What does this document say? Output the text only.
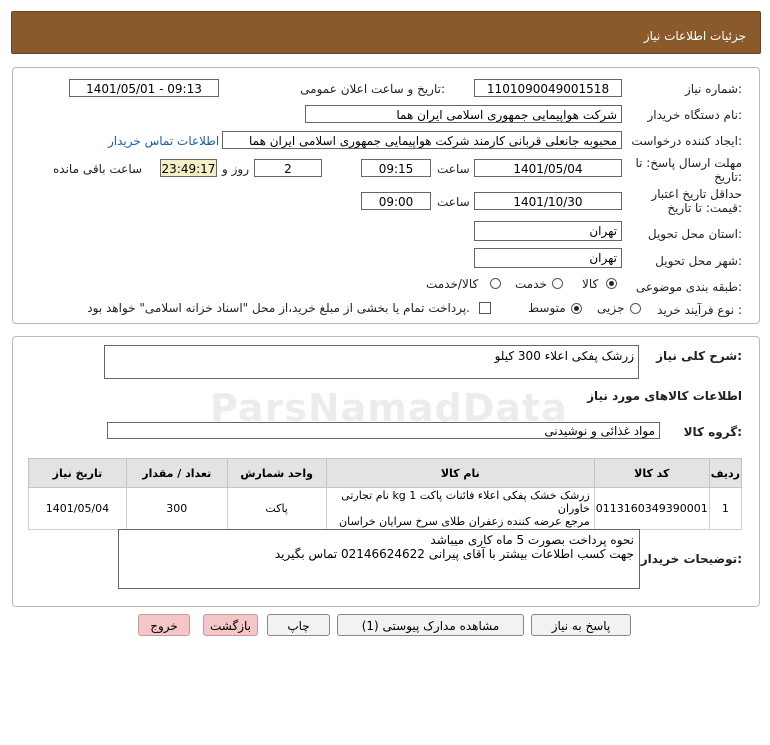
جزئیات اطلاعات نیاز
شماره نیاز:
1101090049001518
تاریخ و ساعت اعلان عمومی:
1401/05/01 - 09:13
نام دستگاه خریدار:
شرکت هواپیمایی جمهوری اسلامی ایران هما
ایجاد کننده درخواست:
محبوبه جانعلی قربانی کارمند شرکت هواپیمایی جمهوری اسلامی ایران هما
اطلاعات تماس خریدار
مهلت ارسال پاسخ: تا
تاریخ:
1401/05/04
ساعت
09:15
2
روز و
23:49:17
ساعت باقی مانده
حداقل تاریخ اعتبار
قیمت: تا تاریخ:
1401/10/30
ساعت
09:00
استان محل تحویل:
تهران
شهر محل تحویل:
تهران
طبقه بندی موضوعی:
کالا
خدمت
کالا/خدمت
نوع فرآیند خرید :
جزیی
متوسط
پرداخت تمام یا بخشی از مبلغ خرید،از محل "اسناد خزانه اسلامی" خواهد بود.
شرح کلی نیاز:
زرشک پفکی اعلاء 300 کیلو
اطلاعات کالاهای مورد نیاز
گروه کالا:
مواد غذائی و نوشیدنی
ردیف	کد کالا	نام کالا	واحد شمارش	تعداد / مقدار	تاریخ نیاز
1	0113160349390001	زرشک خشک پفکی اعلاء فائنات پاکت 1 kg نام تجارتی خاوران
مرجع عرضه کننده زعفران طلای سرخ سرایان خراسان	پاکت	300	1401/05/04
توضیحات خریدار:
نحوه پرداخت بصورت 5 ماه کاری میباشد
جهت کسب اطلاعات بیشتر با آقای پیرانی 02146624622 تماس بگیرید
ParsNamadData
پاسخ به نیاز
مشاهده مدارک پیوستی (1)
چاپ
بازگشت
خروج
